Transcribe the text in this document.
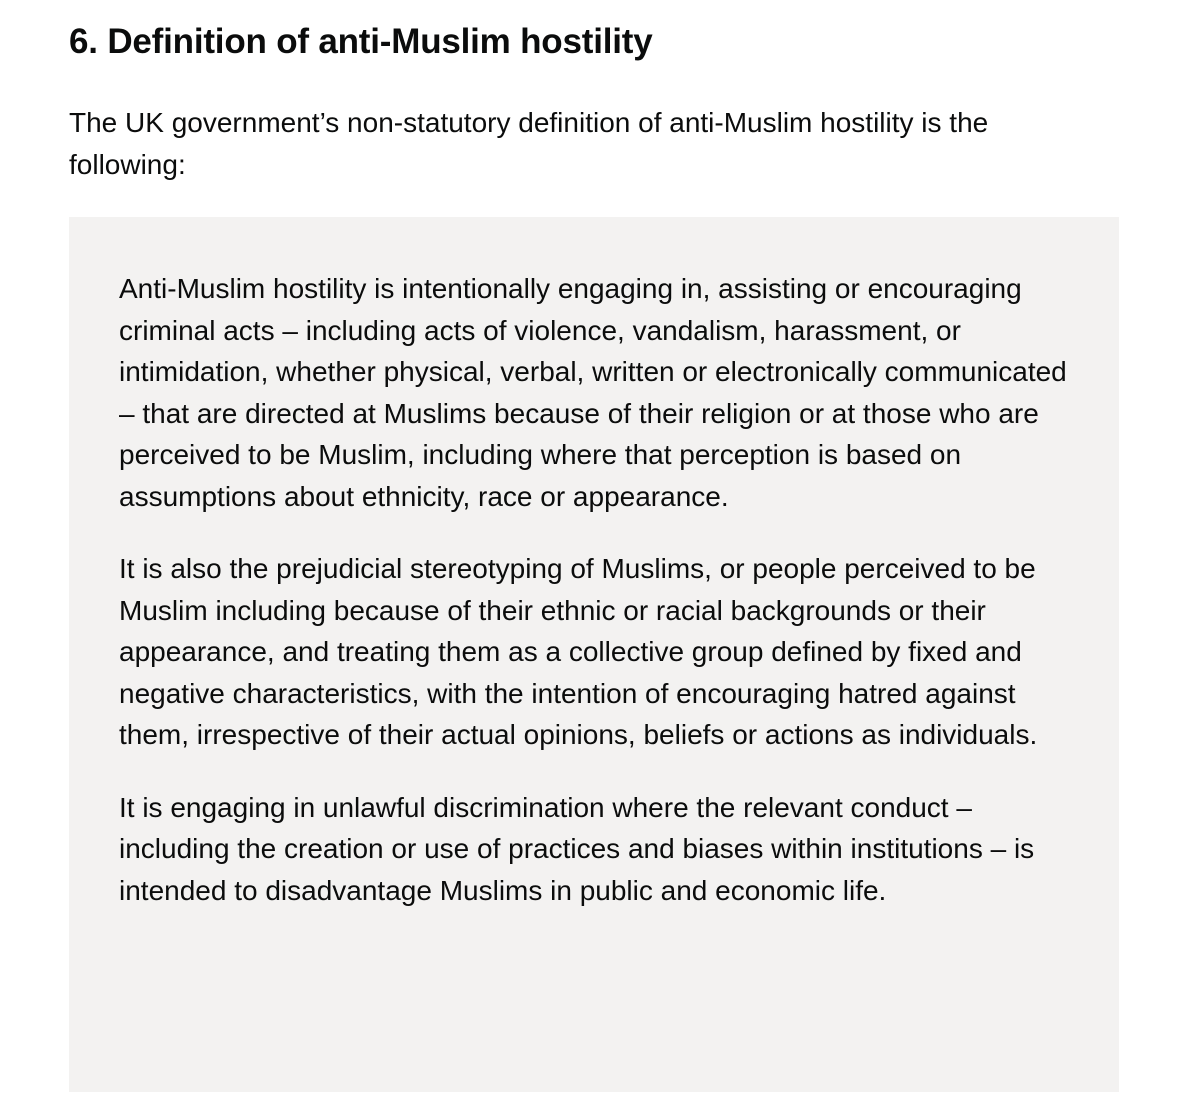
6. Definition of anti-Muslim hostility

The UK government’s non-statutory definition of anti-Muslim hostility is the following:

Anti-Muslim hostility is intentionally engaging in, assisting or encouraging criminal acts – including acts of violence, vandalism, harassment, or intimidation, whether physical, verbal, written or electronically communicated – that are directed at Muslims because of their religion or at those who are perceived to be Muslim, including where that perception is based on assumptions about ethnicity, race or appearance.

It is also the prejudicial stereotyping of Muslims, or people perceived to be Muslim including because of their ethnic or racial backgrounds or their appearance, and treating them as a collective group defined by fixed and negative characteristics, with the intention of encouraging hatred against them, irrespective of their actual opinions, beliefs or actions as individuals.

It is engaging in unlawful discrimination where the relevant conduct – including the creation or use of practices and biases within institutions – is intended to disadvantage Muslims in public and economic life.
